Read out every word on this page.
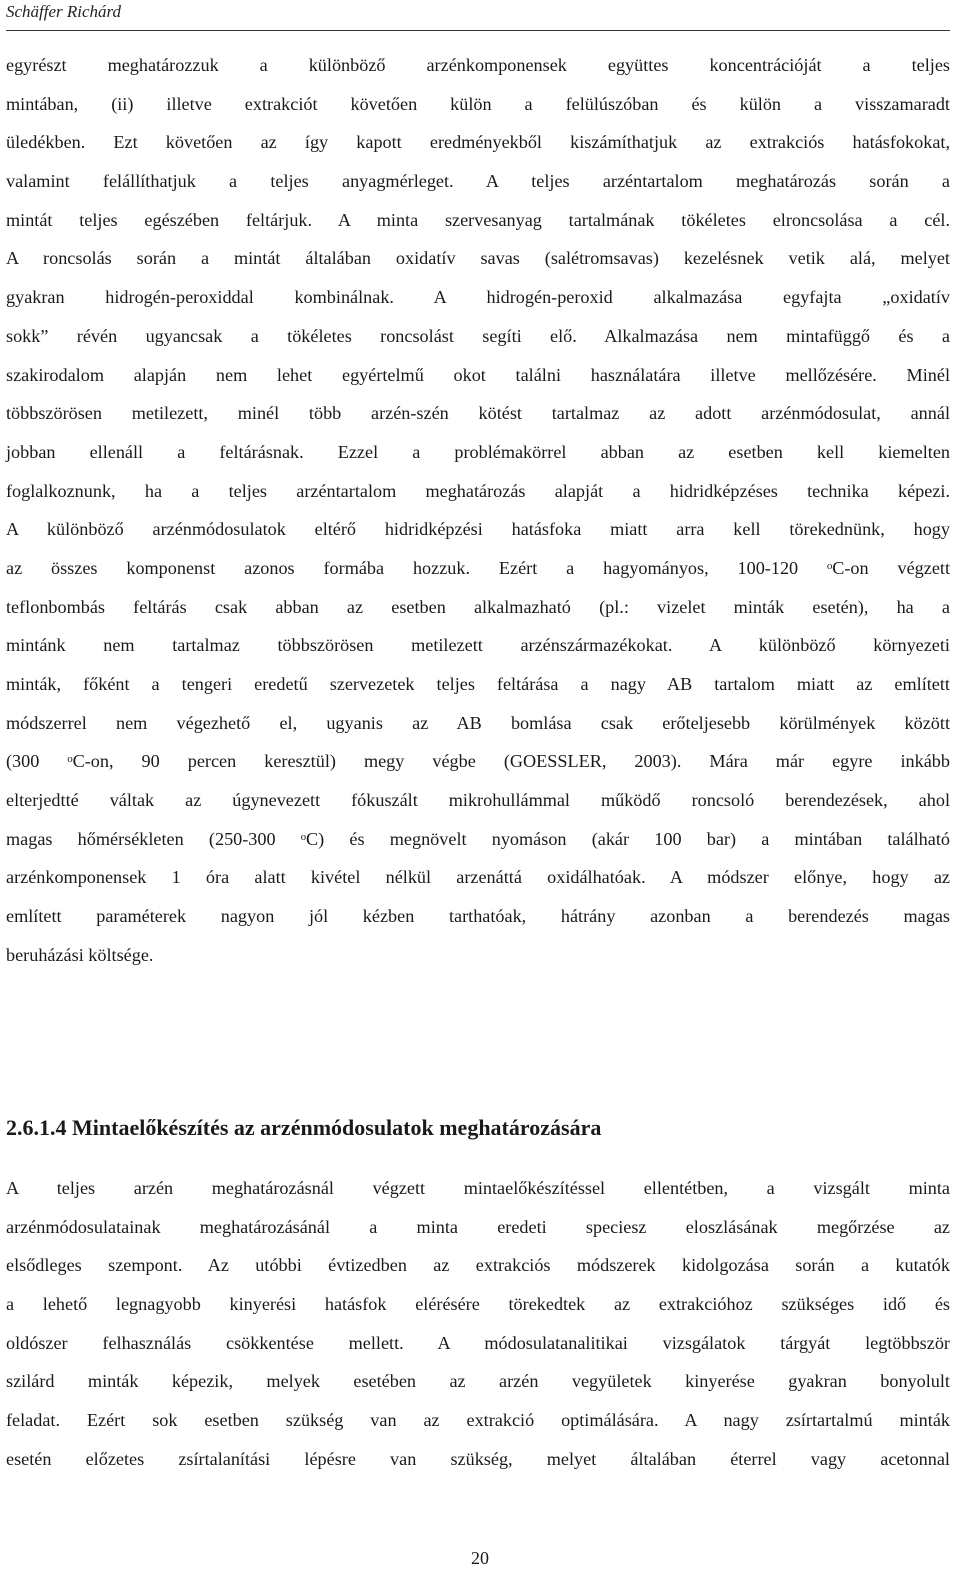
Schäffer Richárd

egyrészt meghatározzuk a különböző arzénkomponensek együttes koncentrációját a teljes
mintában, (ii) illetve extrakciót követően külön a felülúszóban és külön a visszamaradt
üledékben. Ezt követően az így kapott eredményekből kiszámíthatjuk az extrakciós hatásfokokat,
valamint felállíthatjuk a teljes anyagmérleget. A teljes arzéntartalom meghatározás során a
mintát teljes egészében feltárjuk. A minta szervesanyag tartalmának tökéletes elroncsolása a cél.
A roncsolás során a mintát általában oxidatív savas (salétromsavas) kezelésnek vetik alá, melyet
gyakran hidrogén-peroxiddal kombinálnak. A hidrogén-peroxid alkalmazása egyfajta „oxidatív
sokk” révén ugyancsak a tökéletes roncsolást segíti elő. Alkalmazása nem mintafüggő és a
szakirodalom alapján nem lehet egyértelmű okot találni használatára illetve mellőzésére. Minél
többszörösen metilezett, minél több arzén-szén kötést tartalmaz az adott arzénmódosulat, annál
jobban ellenáll a feltárásnak. Ezzel a problémakörrel abban az esetben kell kiemelten
foglalkoznunk, ha a teljes arzéntartalom meghatározás alapját a hidridképzéses technika képezi.
A különböző arzénmódosulatok eltérő hidridképzési hatásfoka miatt arra kell törekednünk, hogy
az összes komponenst azonos formába hozzuk. Ezért a hagyományos, 100-120 ᵒC-on végzett
teflonbombás feltárás csak abban az esetben alkalmazható (pl.: vizelet minták esetén), ha a
mintánk nem tartalmaz többszörösen metilezett arzénszármazékokat. A különböző környezeti
minták, főként a tengeri eredetű szervezetek teljes feltárása a nagy AB tartalom miatt az említett
módszerrel nem végezhető el, ugyanis az AB bomlása csak erőteljesebb körülmények között
(300 ᵒC-on, 90 percen keresztül) megy végbe (GOESSLER, 2003). Mára már egyre inkább
elterjedtté váltak az úgynevezett fókuszált mikrohullámmal működő roncsoló berendezések, ahol
magas hőmérsékleten (250-300 ᵒC) és megnövelt nyomáson (akár 100 bar) a mintában található
arzénkomponensek 1 óra alatt kivétel nélkül arzenáttá oxidálhatóak. A módszer előnye, hogy az
említett paraméterek nagyon jól kézben tarthatóak, hátrány azonban a berendezés magas
beruházási költsége.

2.6.1.4 Mintaelőkészítés az arzénmódosulatok meghatározására

A teljes arzén meghatározásnál végzett mintaelőkészítéssel ellentétben, a vizsgált minta
arzénmódosulatainak meghatározásánál a minta eredeti speciesz eloszlásának megőrzése az
elsődleges szempont. Az utóbbi évtizedben az extrakciós módszerek kidolgozása során a kutatók
a lehető legnagyobb kinyerési hatásfok elérésére törekedtek az extrakcióhoz szükséges idő és
oldószer felhasználás csökkentése mellett. A módosulatanalitikai vizsgálatok tárgyát legtöbbször
szilárd minták képezik, melyek esetében az arzén vegyületek kinyerése gyakran bonyolult
feladat. Ezért sok esetben szükség van az extrakció optimálására. A nagy zsírtartalmú minták
esetén előzetes zsírtalanítási lépésre van szükség, melyet általában éterrel vagy acetonnal

20
